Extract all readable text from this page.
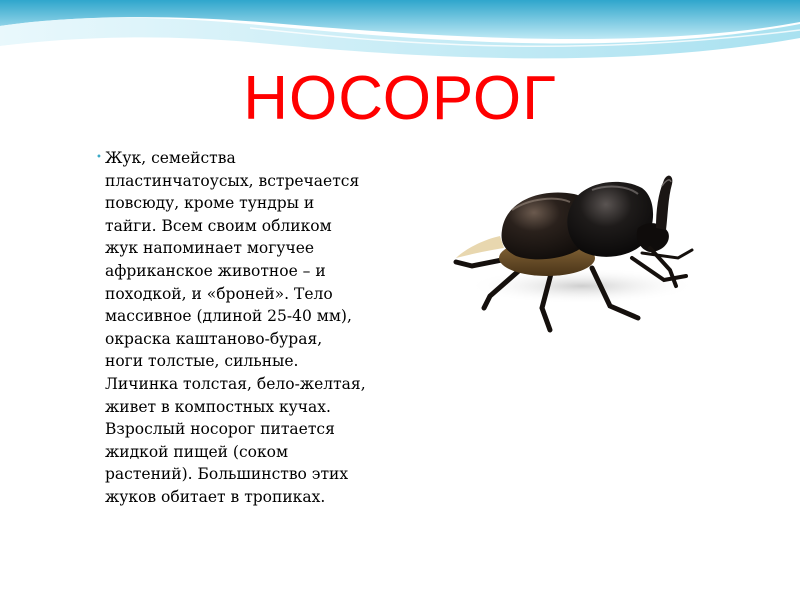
НОСОРОГ
• Жук, семейства
пластинчатоусых, встречается
повсюду, кроме тундры и
тайги. Всем своим обликом
жук напоминает могучее
африканское животное – и
походкой, и «броней». Тело
массивное (длиной 25-40 мм),
окраска каштаново-бурая,
ноги толстые, сильные.
Личинка толстая, бело-желтая,
живет в компостных кучах.
Взрослый носорог питается
жидкой пищей (соком
растений). Большинство этих
жуков обитает в тропиках.
